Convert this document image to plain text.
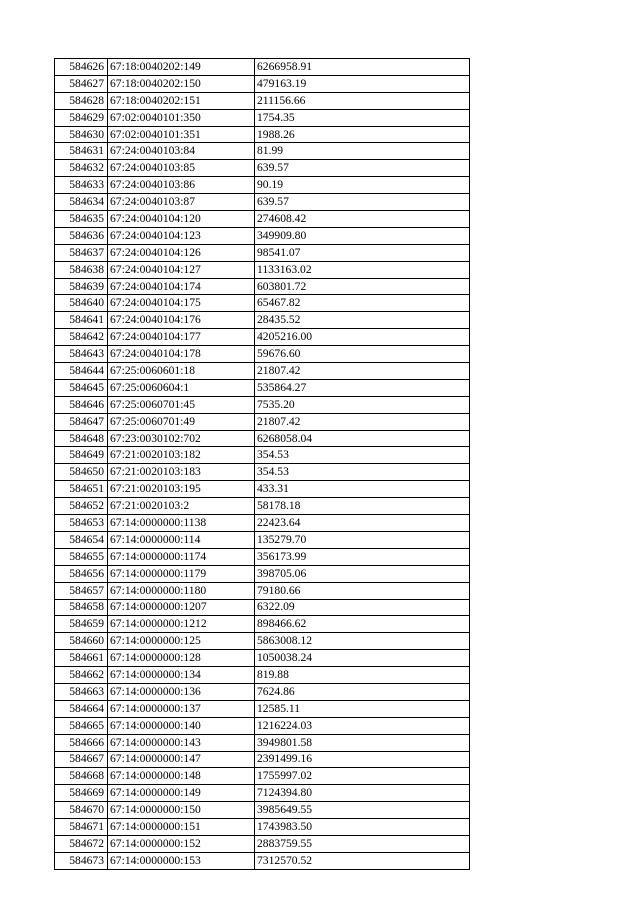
584626	67:18:0040202:149	6266958.91
584627	67:18:0040202:150	479163.19
584628	67:18:0040202:151	211156.66
584629	67:02:0040101:350	1754.35
584630	67:02:0040101:351	1988.26
584631	67:24:0040103:84	81.99
584632	67:24:0040103:85	639.57
584633	67:24:0040103:86	90.19
584634	67:24:0040103:87	639.57
584635	67:24:0040104:120	274608.42
584636	67:24:0040104:123	349909.80
584637	67:24:0040104:126	98541.07
584638	67:24:0040104:127	1133163.02
584639	67:24:0040104:174	603801.72
584640	67:24:0040104:175	65467.82
584641	67:24:0040104:176	28435.52
584642	67:24:0040104:177	4205216.00
584643	67:24:0040104:178	59676.60
584644	67:25:0060601:18	21807.42
584645	67:25:0060604:1	535864.27
584646	67:25:0060701:45	7535.20
584647	67:25:0060701:49	21807.42
584648	67:23:0030102:702	6268058.04
584649	67:21:0020103:182	354.53
584650	67:21:0020103:183	354.53
584651	67:21:0020103:195	433.31
584652	67:21:0020103:2	58178.18
584653	67:14:0000000:1138	22423.64
584654	67:14:0000000:114	135279.70
584655	67:14:0000000:1174	356173.99
584656	67:14:0000000:1179	398705.06
584657	67:14:0000000:1180	79180.66
584658	67:14:0000000:1207	6322.09
584659	67:14:0000000:1212	898466.62
584660	67:14:0000000:125	5863008.12
584661	67:14:0000000:128	1050038.24
584662	67:14:0000000:134	819.88
584663	67:14:0000000:136	7624.86
584664	67:14:0000000:137	12585.11
584665	67:14:0000000:140	1216224.03
584666	67:14:0000000:143	3949801.58
584667	67:14:0000000:147	2391499.16
584668	67:14:0000000:148	1755997.02
584669	67:14:0000000:149	7124394.80
584670	67:14:0000000:150	3985649.55
584671	67:14:0000000:151	1743983.50
584672	67:14:0000000:152	2883759.55
584673	67:14:0000000:153	7312570.52
